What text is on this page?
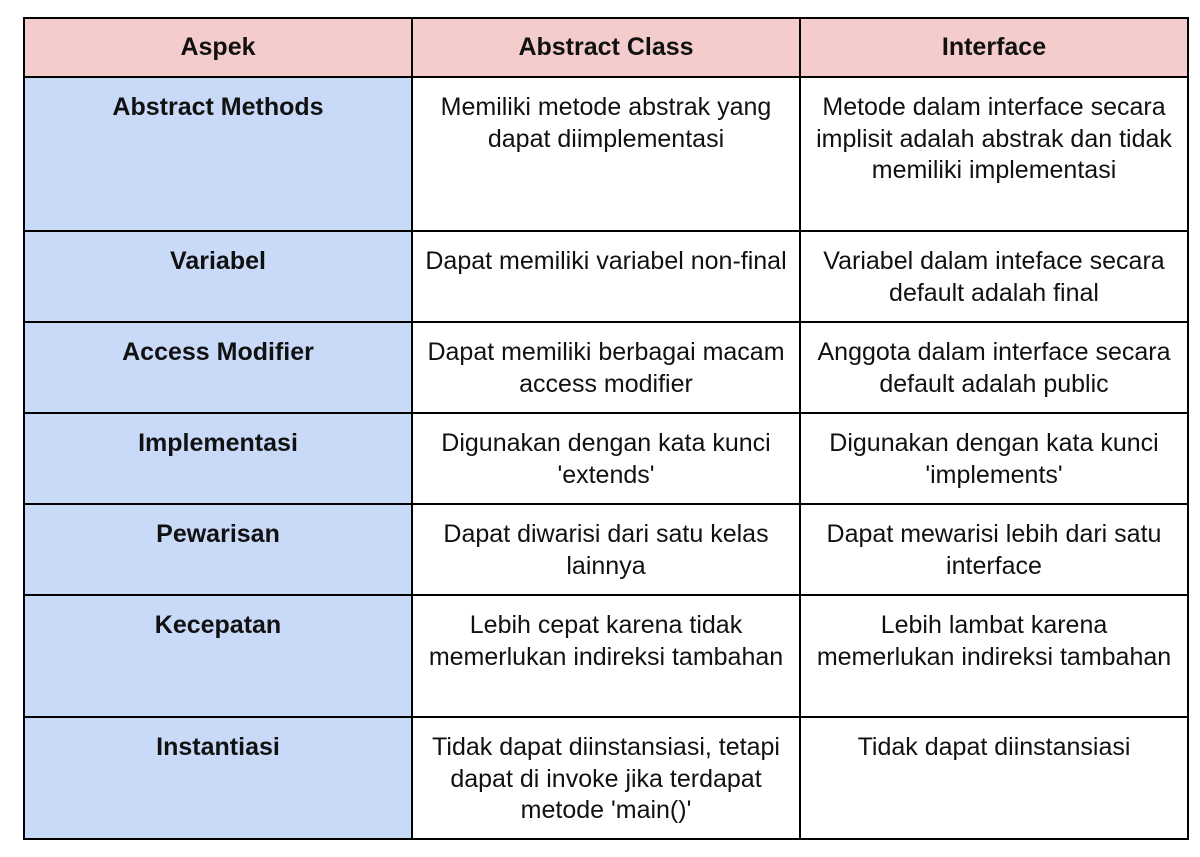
Aspek	Abstract Class	Interface
Abstract Methods	Memiliki metode abstrak yang dapat diimplementasi	Metode dalam interface secara implisit adalah abstrak dan tidak memiliki implementasi
Variabel	Dapat memiliki variabel non-final	Variabel dalam inteface secara default adalah final
Access Modifier	Dapat memiliki berbagai macam access modifier	Anggota dalam interface secara default adalah public
Implementasi	Digunakan dengan kata kunci 'extends'	Digunakan dengan kata kunci 'implements'
Pewarisan	Dapat diwarisi dari satu kelas lainnya	Dapat mewarisi lebih dari satu interface
Kecepatan	Lebih cepat karena tidak memerlukan indireksi tambahan	Lebih lambat karena memerlukan indireksi tambahan
Instantiasi	Tidak dapat diinstansiasi, tetapi dapat di invoke jika terdapat metode 'main()'	Tidak dapat diinstansiasi
